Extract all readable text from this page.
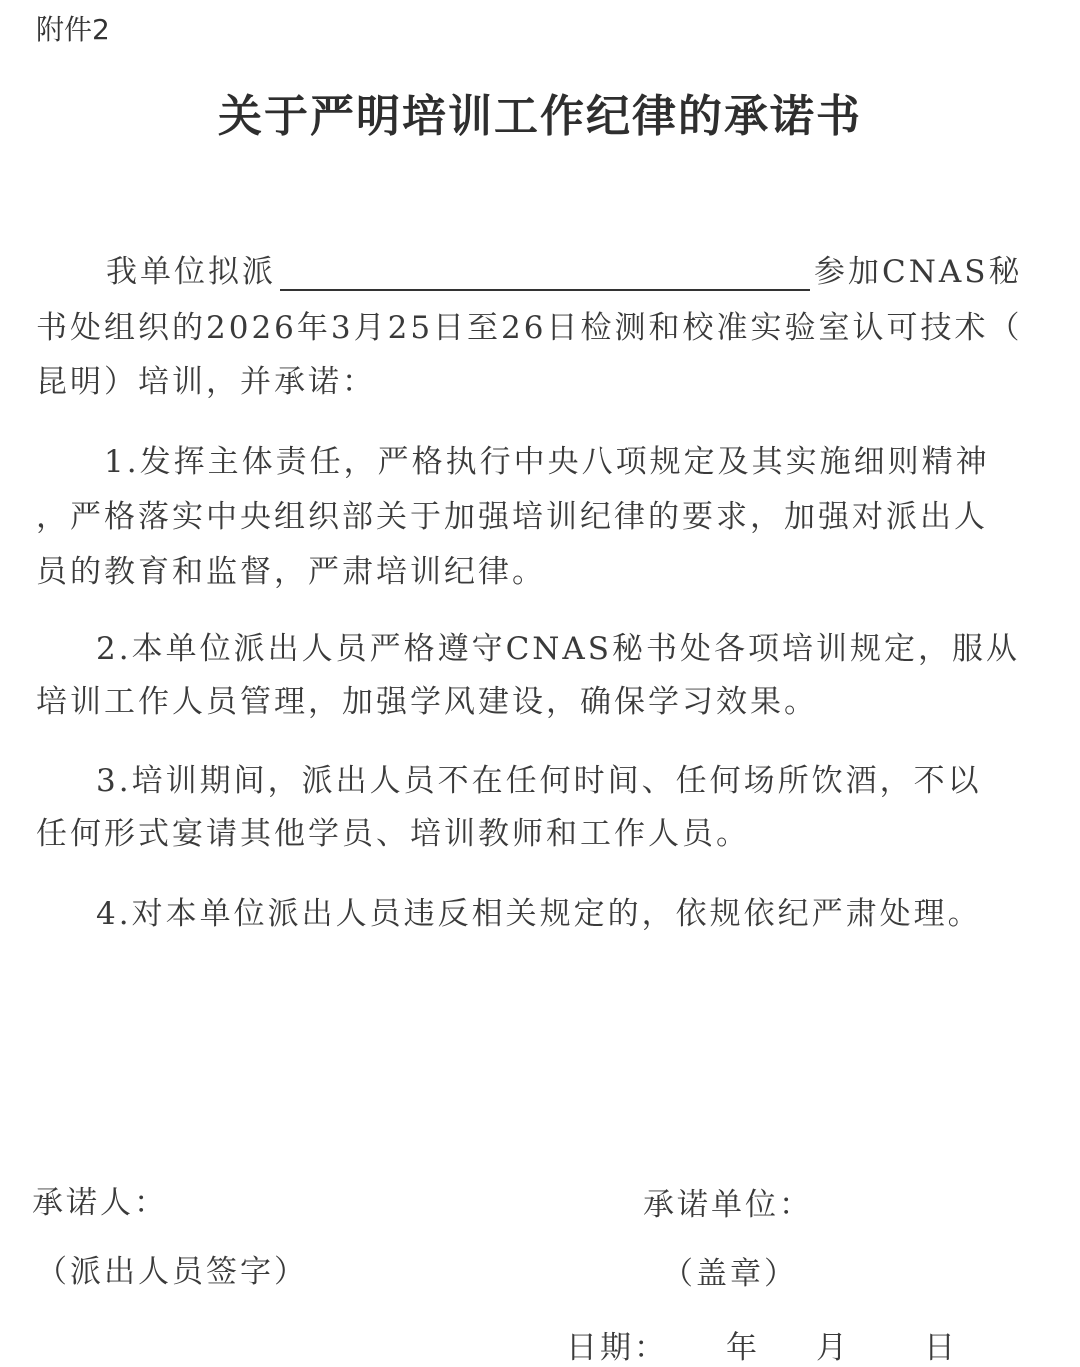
附件2
关于严明培训工作纪律的承诺书
我单位拟派	参加CNAS秘
书处组织的2026年3月25日至26日检测和校准实验室认可技术（
昆明）培训，并承诺：
1.发挥主体责任，严格执行中央八项规定及其实施细则精神
，严格落实中央组织部关于加强培训纪律的要求，加强对派出人
员的教育和监督，严肃培训纪律。
2.本单位派出人员严格遵守CNAS秘书处各项培训规定，服从
培训工作人员管理，加强学风建设，确保学习效果。
3.培训期间，派出人员不在任何时间、任何场所饮酒，不以
任何形式宴请其他学员、培训教师和工作人员。
4.对本单位派出人员违反相关规定的，依规依纪严肃处理。
承诺人：
（派出人员签字）
承诺单位：
（盖章）
日期： 年 月 日
